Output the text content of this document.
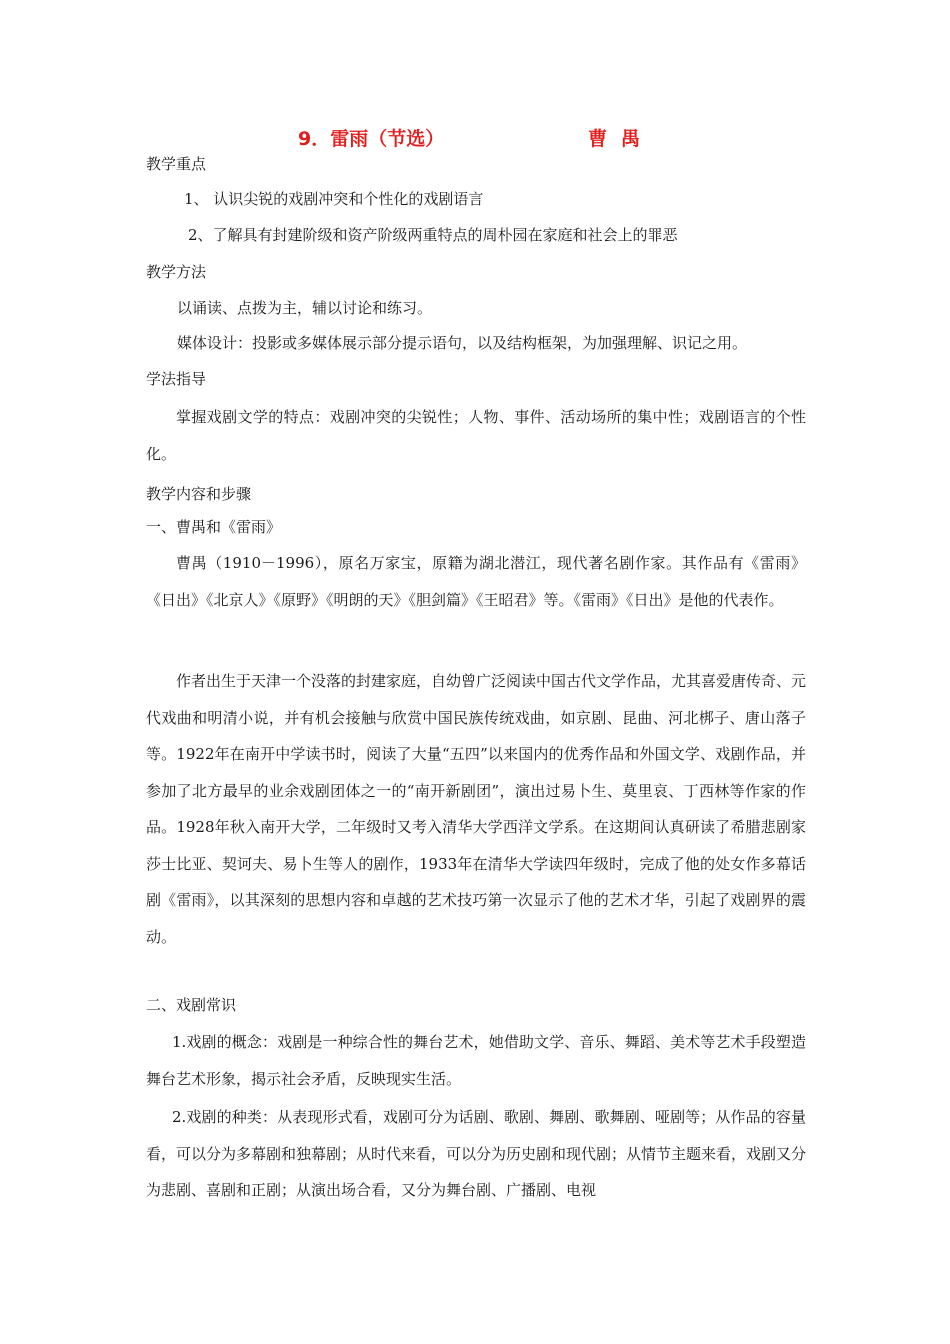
9．雷雨（节选）	曹禺
教学重点
1、 认识尖锐的戏剧冲突和个性化的戏剧语言
2、了解具有封建阶级和资产阶级两重特点的周朴园在家庭和社会上的罪恶
教学方法
以诵读、点拨为主，辅以讨论和练习。
媒体设计：投影或多媒体展示部分提示语句，以及结构框架，为加强理解、识记之用。
学法指导
掌握戏剧文学的特点：戏剧冲突的尖锐性；人物、事件、活动场所的集中性；戏剧语言的个性化。
教学内容和步骤
一、曹禺和《雷雨》
曹禺（1910－1996），原名万家宝，原籍为湖北潜江，现代著名剧作家。其作品有《雷雨》《日出》《北京人》《原野》《明朗的天》《胆剑篇》《王昭君》等。《雷雨》《日出》是他的代表作。
作者出生于天津一个没落的封建家庭，自幼曾广泛阅读中国古代文学作品，尤其喜爱唐传奇、元代戏曲和明清小说，并有机会接触与欣赏中国民族传统戏曲，如京剧、昆曲、河北梆子、唐山落子等。1922年在南开中学读书时，阅读了大量“五四”以来国内的优秀作品和外国文学、戏剧作品，并参加了北方最早的业余戏剧团体之一的“南开新剧团”，演出过易卜生、莫里哀、丁西林等作家的作品。1928年秋入南开大学，二年级时又考入清华大学西洋文学系。在这期间认真研读了希腊悲剧家莎士比亚、契诃夫、易卜生等人的剧作，1933年在清华大学读四年级时，完成了他的处女作多幕话剧《雷雨》，以其深刻的思想内容和卓越的艺术技巧第一次显示了他的艺术才华，引起了戏剧界的震动。
二、戏剧常识
1.戏剧的概念：戏剧是一种综合性的舞台艺术，她借助文学、音乐、舞蹈、美术等艺术手段塑造舞台艺术形象，揭示社会矛盾，反映现实生活。
2.戏剧的种类：从表现形式看，戏剧可分为话剧、歌剧、舞剧、歌舞剧、哑剧等；从作品的容量看，可以分为多幕剧和独幕剧；从时代来看，可以分为历史剧和现代剧；从情节主题来看，戏剧又分为悲剧、喜剧和正剧；从演出场合看，又分为舞台剧、广播剧、电视
